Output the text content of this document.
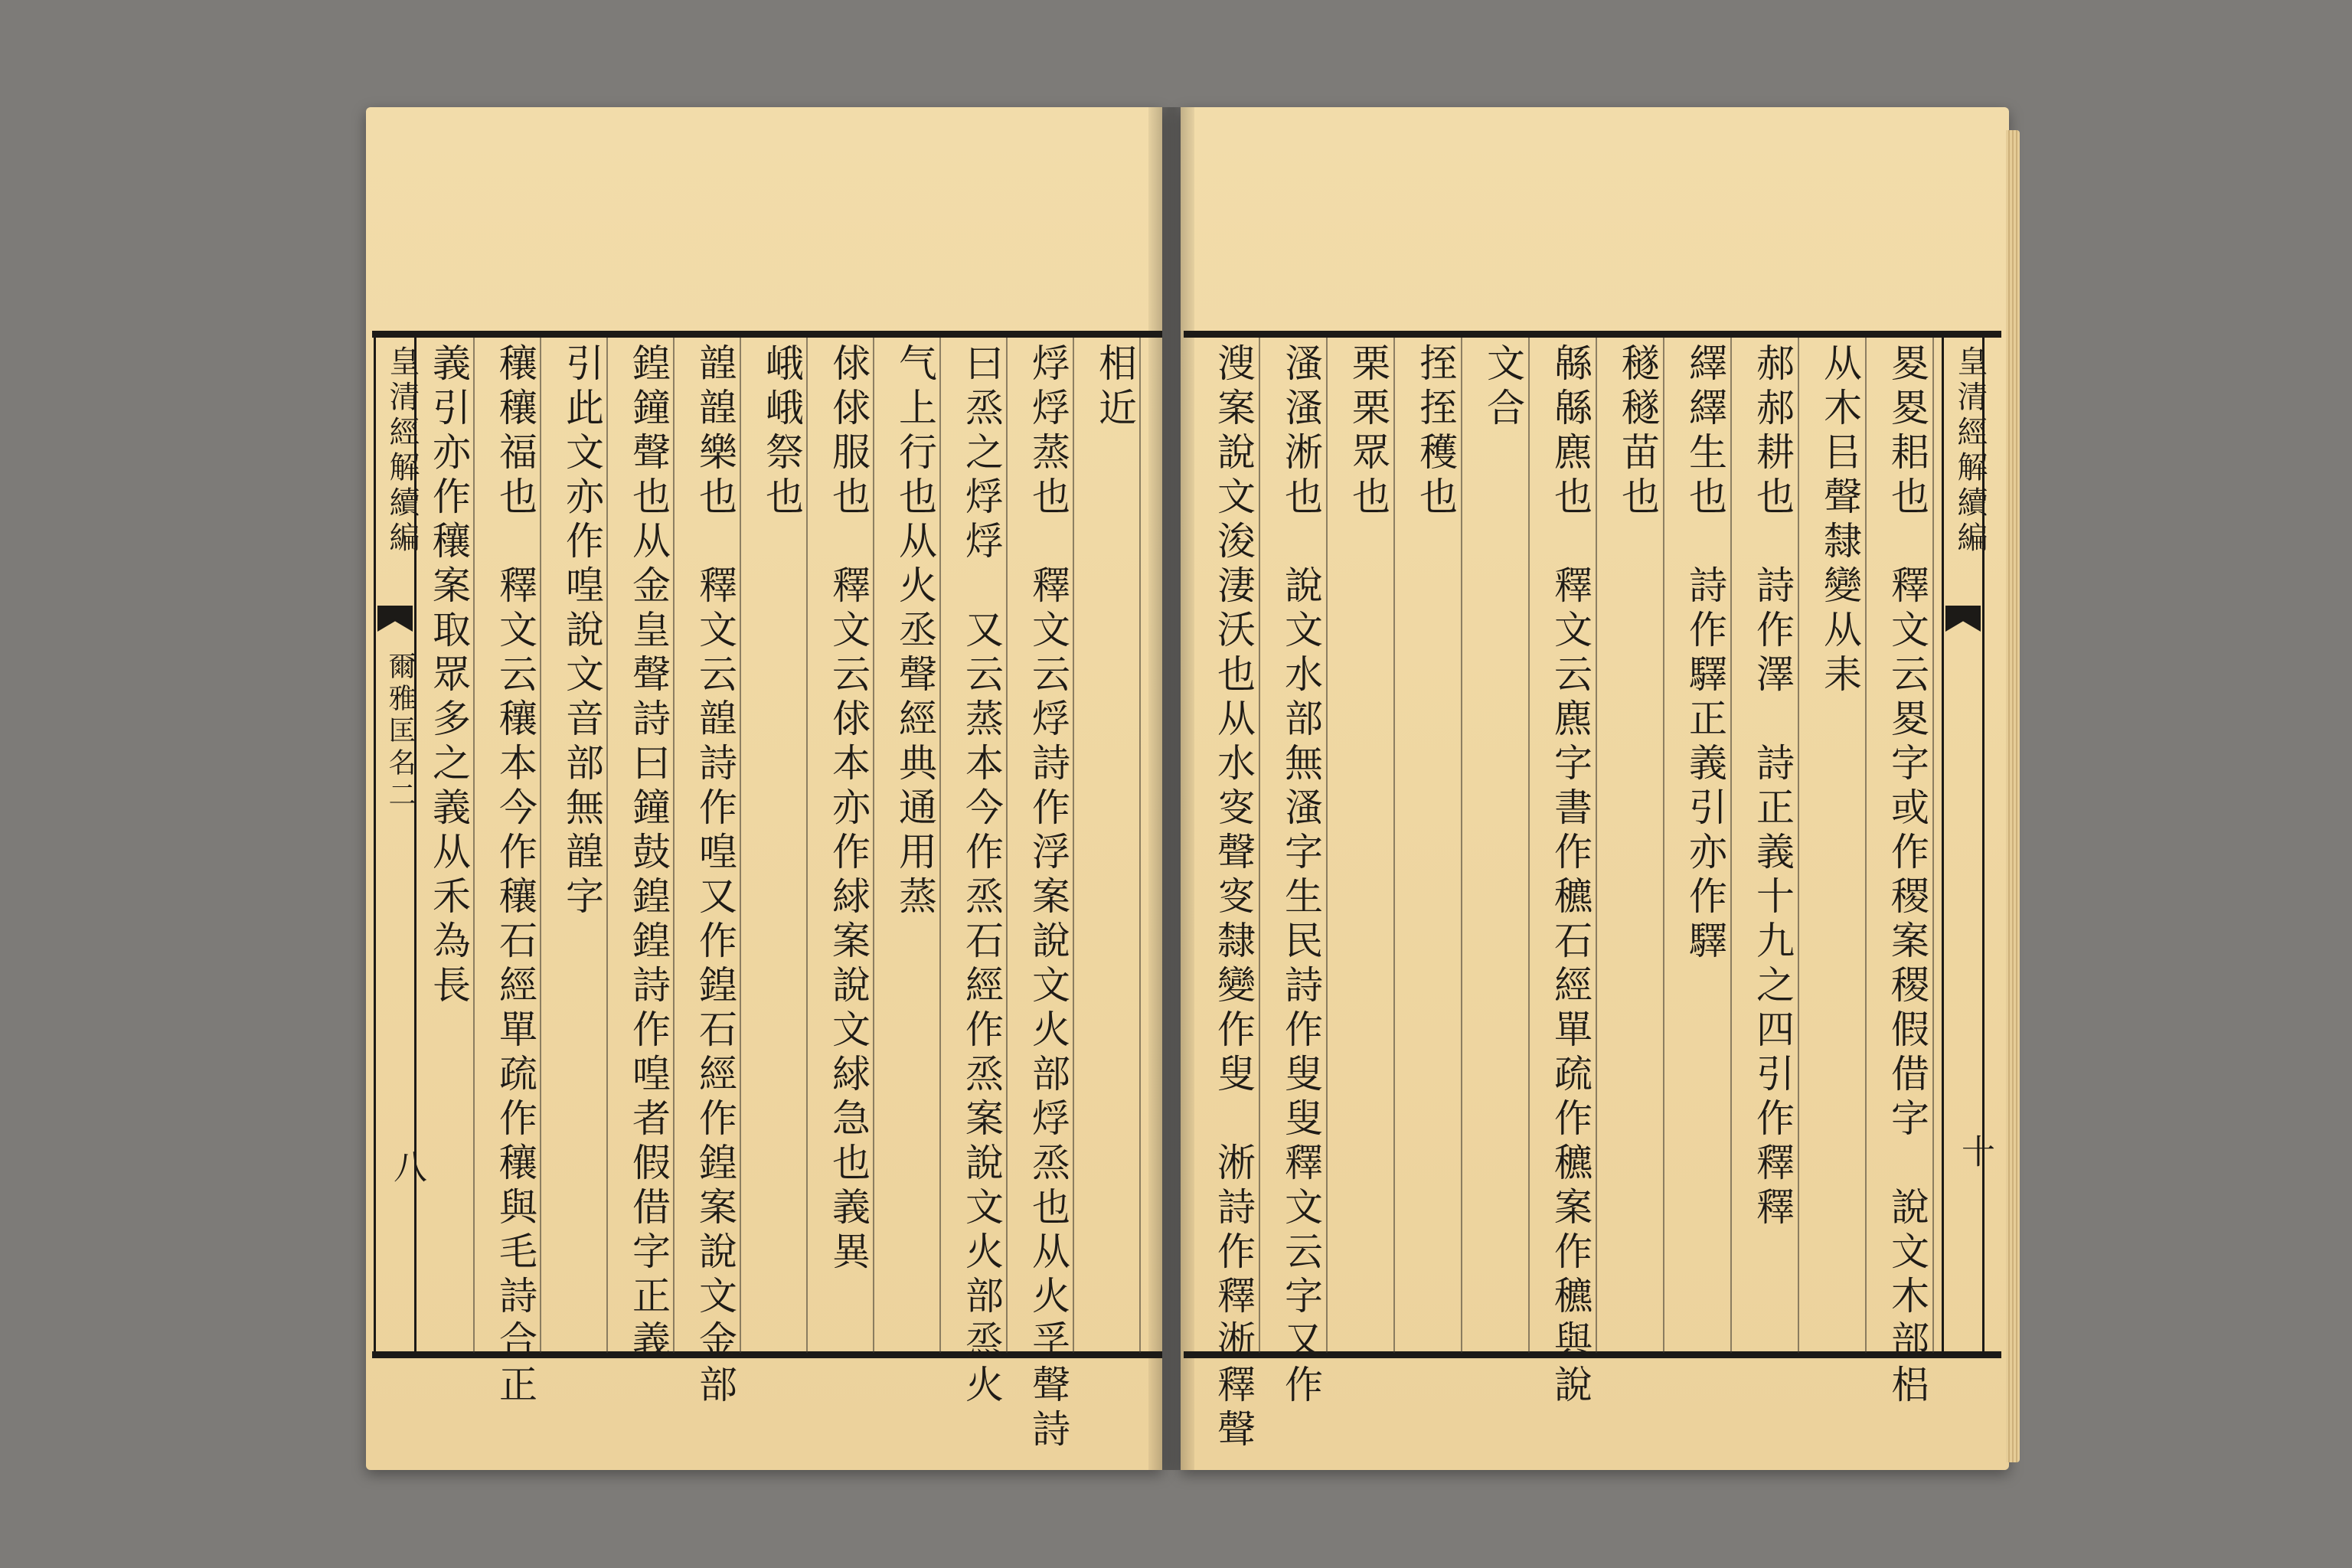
皇清經解續編
爾雅匡名二
八
皇清經解續編
十
相近
烰烰蒸也　釋文云烰詩作浮案說文火部烰烝也从火孚聲詩
曰烝之烰烰　又云蒸本今作烝石經作烝案說文火部烝火
气上行也从火丞聲經典通用蒸
俅俅服也　釋文云俅本亦作絿案說文絿急也義異
峨峨祭也
韹韹樂也　釋文云韹詩作喤又作鍠石經作鍠案說文金部
鍠鐘聲也从金皇聲詩曰鐘鼓鍠鍠詩作喤者假借字正義
引此文亦作喤說文音部無韹字
穰穰福也　釋文云穰本今作穰石經單疏作穰與毛詩合正
義引亦作穰案取眾多之義从禾為長	畟畟耜也　釋文云畟字或作稷案稷假借字　說文木部梠
从木㠯聲隸變从耒
郝郝耕也　詩作澤　詩正義十九之四引作釋釋
繹繹生也　詩作驛正義引亦作驛
穟穟苗也
緜緜麃也　釋文云麃字書作穮石經單疏作穮案作穮與說
文合
挃挃穫也
栗栗眾也
溞溞淅也　說文水部無溞字生民詩作叟叟釋文云字又作
溲案說文浚淒沃也从水叜聲叜隸變作叟　淅詩作釋淅釋聲
